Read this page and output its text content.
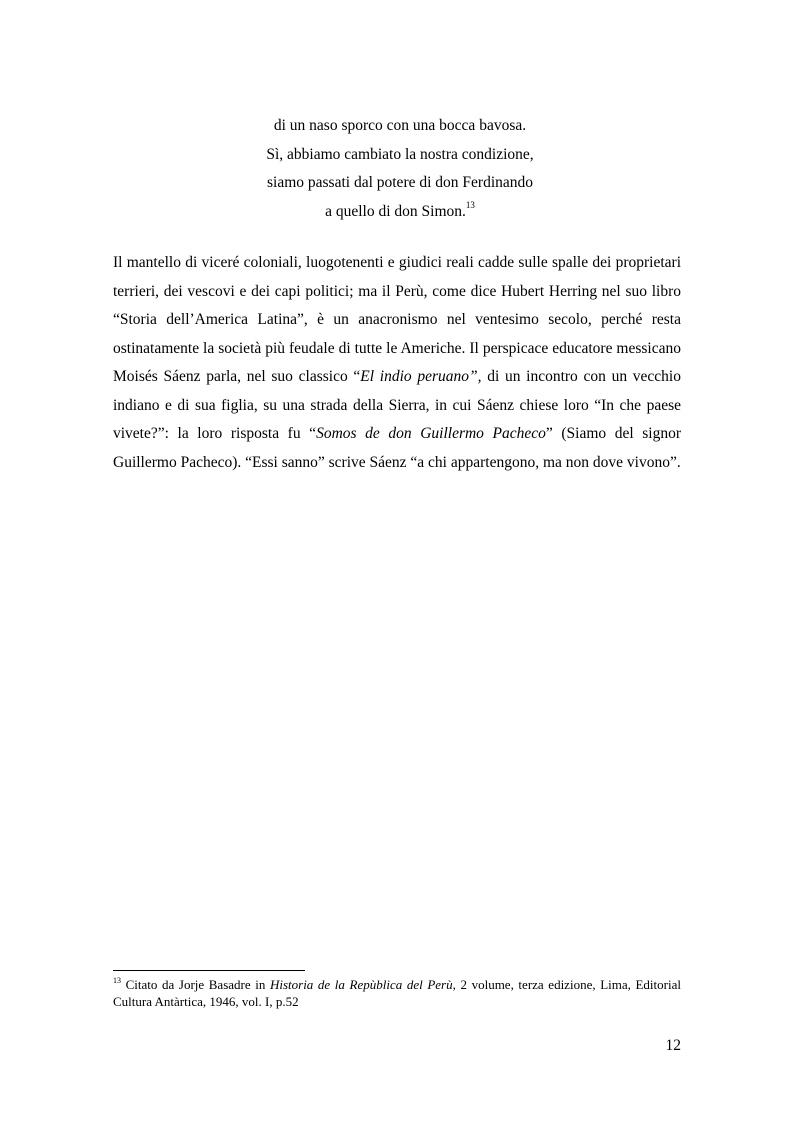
di un naso sporco con una bocca bavosa.
Sì, abbiamo cambiato la nostra condizione,
siamo passati dal potere di don Ferdinando
a quello di don Simon.$^{13}$

Il mantello di viceré coloniali, luogotenenti e giudici reali cadde sulle spalle dei proprietari terrieri, dei vescovi e dei capi politici; ma il Perù, come dice Hubert Herring nel suo libro “Storia dell’America Latina”, è un anacronismo nel ventesimo secolo, perché resta ostinatamente la società più feudale di tutte le Americhe. Il perspicace educatore messicano Moisés Sáenz parla, nel suo classico “El indio peruano”, di un incontro con un vecchio indiano e di sua figlia, su una strada della Sierra, in cui Sáenz chiese loro “In che paese vivete?”: la loro risposta fu “Somos de don Guillermo Pacheco” (Siamo del signor Guillermo Pacheco). “Essi sanno” scrive Sáenz “a chi appartengono, ma non dove vivono”.

$^{13}$ Citato da Jorje Basadre in Historia de la Repùblica del Perù, 2 volume, terza edizione, Lima, Editorial Cultura Antàrtica, 1946, vol. I, p.52

12
